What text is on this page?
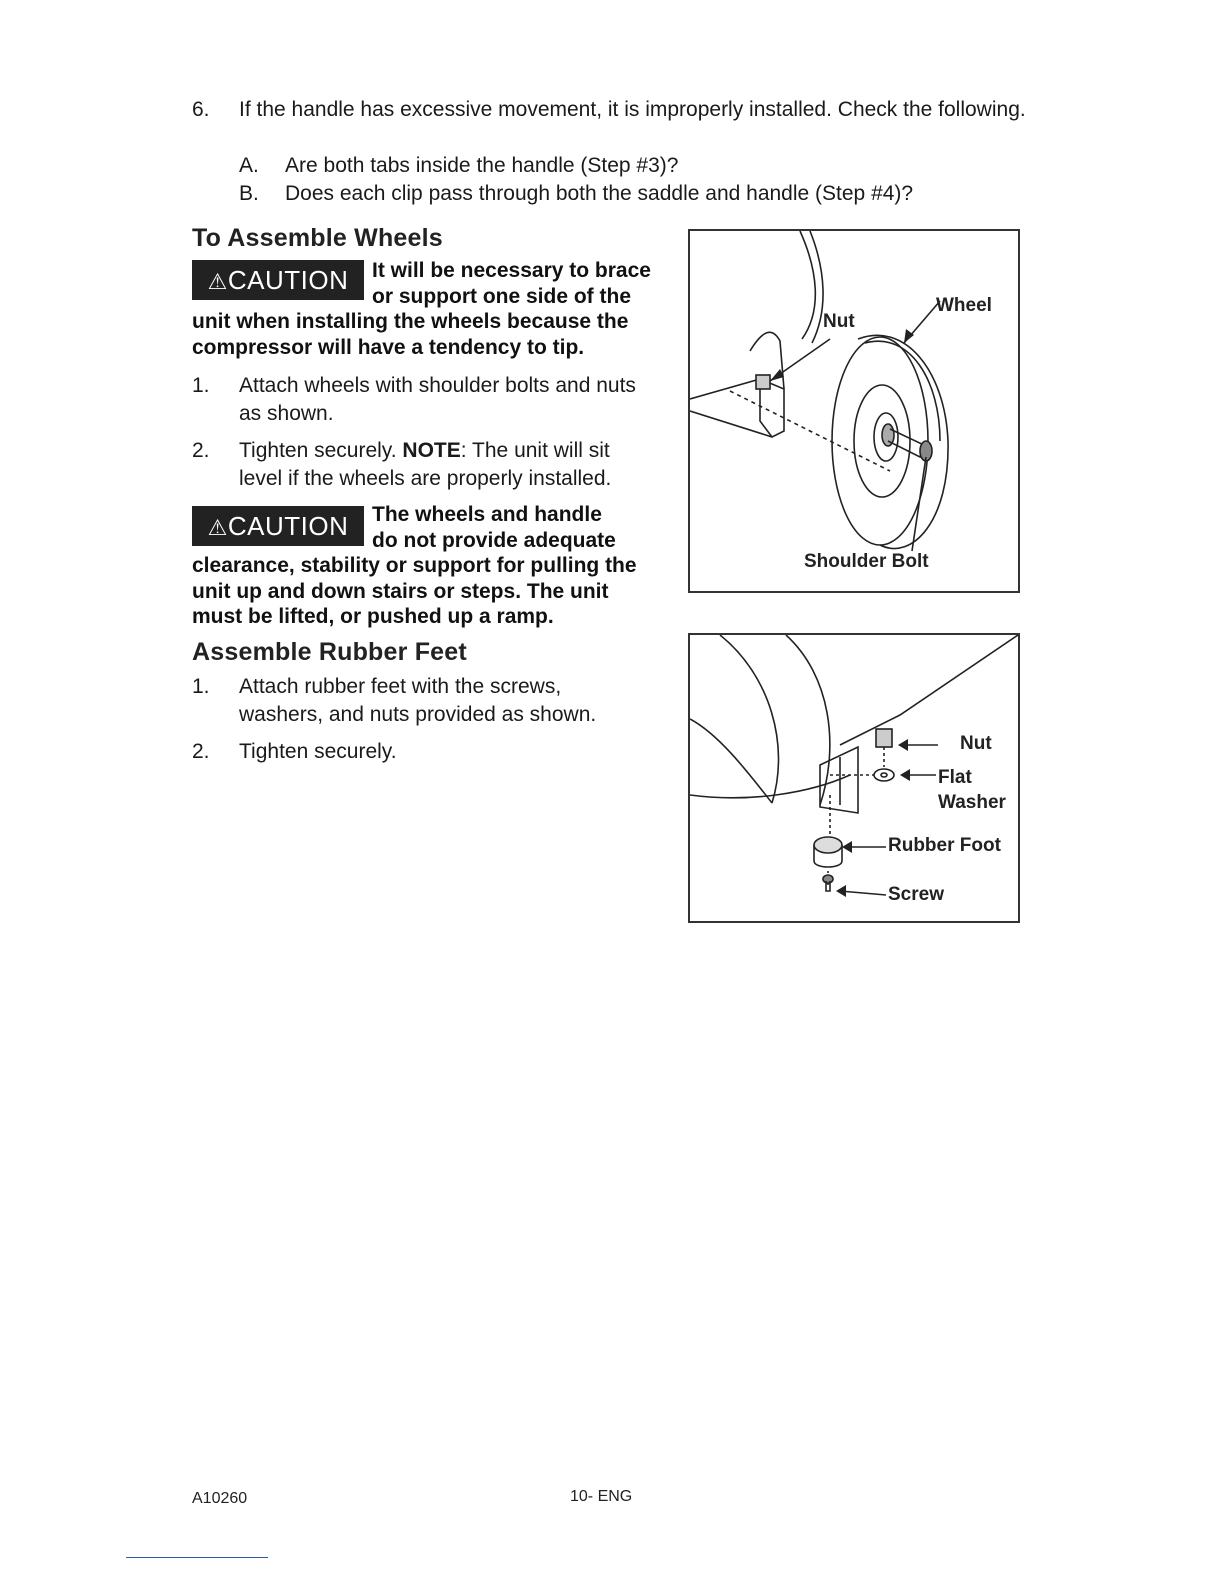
6. If the handle has excessive movement, it is improperly installed. Check the following.
A. Are both tabs inside the handle (Step #3)?
B. Does each clip pass through both the saddle and handle (Step #4)?
To Assemble Wheels
⚠CAUTION	It will be necessary to brace
or support one side of the
unit when installing the wheels because the
compressor will have a tendency to tip.
1. Attach wheels with shoulder bolts and nuts
as shown.
2. Tighten securely. NOTE: The unit will sit
level if the wheels are properly installed.
⚠CAUTION	The wheels and handle
do not provide adequate
clearance, stability or support for pulling the
unit up and down stairs or steps. The unit
must be lifted, or pushed up a ramp.
Assemble Rubber Feet
1. Attach rubber feet with the screws,
washers, and nuts provided as shown.
2. Tighten securely.
Nut
Wheel
Shoulder Bolt
Nut
Flat
Washer
Rubber Foot
Screw
A10260	10- ENG
